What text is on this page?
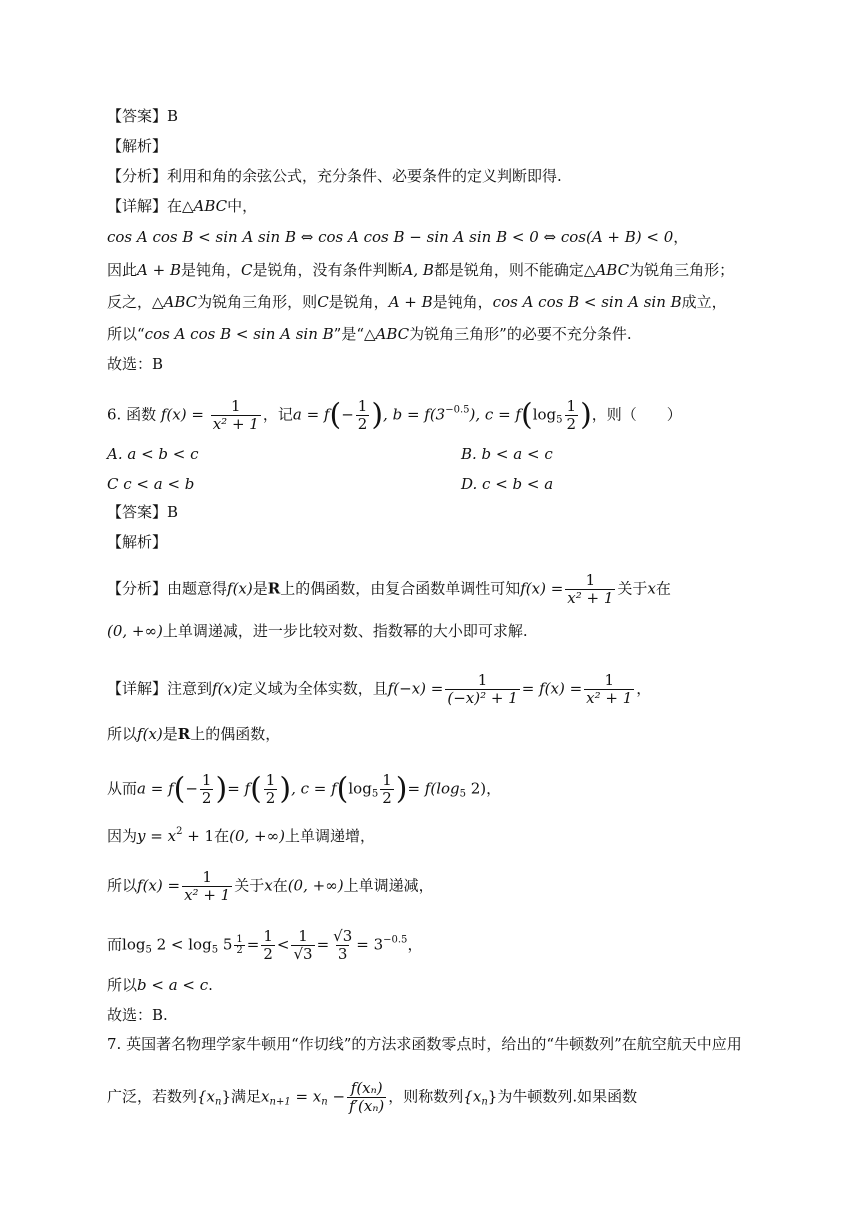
【答案】B
【解析】
【分析】利用和角的余弦公式，充分条件、必要条件的定义判断即得.
【详解】在△ABC中，
cos A cos B < sin A sin B ⇔ cos A cos B − sin A sin B < 0 ⇔ cos(A + B) < 0，
因此A + B是钝角，C是锐角，没有条件判断A, B都是锐角，则不能确定△ABC为锐角三角形；
反之，△ABC为锐角三角形，则C是锐角，A + B是钝角，cos A cos B < sin A sin B成立，
所以“cos A cos B < sin A sin B”是“△ABC为锐角三角形”的必要不充分条件.
故选：B
6. 函数 $f(x) = \frac{1}{\text{x² + 1}}$ ，记$a = f(- \frac{1}{2}$ ), $b = f(3^{-0.5})$, $c = f(\log_5 \frac{1}{2}$ )，则（　　）
A. a < b < c	B. b < a < c
C c < a < b	D. c < b < a
【答案】B
【解析】
【分析】由题意得f(x)是R上的偶函数，由复合函数单调性可知$f(x) = \frac{1}{\text{x² + 1}}$ 关于x在
(0, +∞)上单调递减，进一步比较对数、指数幂的大小即可求解.
【详解】注意到f(x)定义域为全体实数，且$f(-x) = \frac{1}{\text{(−x)² + 1}} = f(x) = \frac{1}{\text{x² + 1}}$ ，
所以f(x)是R上的偶函数，
从而$a = f(- \frac{1}{2}$ )= $f( \frac{1}{2}$ ), $c = f(\log_5 \frac{1}{2}$ )= $f(\log_5$ 2)，
因为$y = x^2 + 1$在(0, +∞)上单调递增，
所以$f(x) = \frac{1}{\text{x² + 1}}$ 关于x在(0, +∞)上单调递减，
而$\log_5 2 < \log_5 5 \frac{1}{2} = \frac{1}{2} < \frac{1}{√3} = \frac{√3}{3} = 3^{-0.5}$，
所以b < a < c.
故选：B.
7. 英国著名物理学家牛顿用“作切线”的方法求函数零点时，给出的“牛顿数列”在航空航天中应用
广泛，若数列$\{x_n\}$满足$x_{n+1} = x_n - \frac{\text{f(xₙ)}}{\text{f′(xₙ)}}$ ，则称数列$\{x_n\}$为牛顿数列.如果函数
